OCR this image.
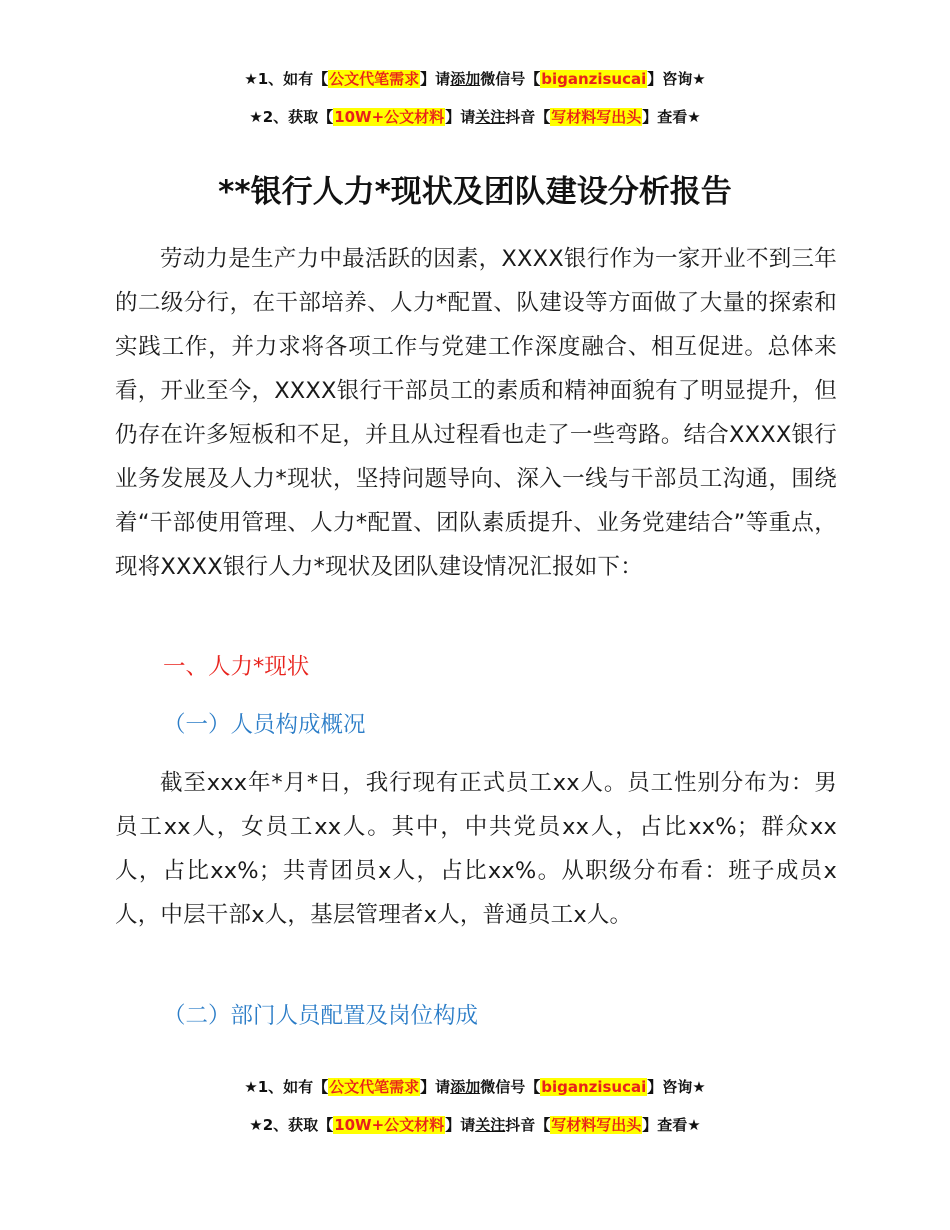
★1、如有【公文代笔需求】请添加微信号【biganzisucai】咨询★
★2、获取【10W+公文材料】请关注抖音【写材料写出头】查看★
**银行人力*现状及团队建设分析报告
劳动力是生产力中最活跃的因素，XXXX银行作为一家开业不到三年的二级分行，在干部培养、人力*配置、队建设等方面做了大量的探索和实践工作，并力求将各项工作与党建工作深度融合、相互促进。总体来看，开业至今，XXXX银行干部员工的素质和精神面貌有了明显提升，但仍存在许多短板和不足，并且从过程看也走了一些弯路。结合XXXX银行业务发展及人力*现状，坚持问题导向、深入一线与干部员工沟通，围绕着“干部使用管理、人力*配置、团队素质提升、业务党建结合”等重点，现将XXXX银行人力*现状及团队建设情况汇报如下：
一、人力*现状
（一）人员构成概况
截至xxx年*月*日，我行现有正式员工xx人。员工性别分布为：男员工xx人，女员工xx人。其中，中共党员xx人，占比xx%；群众xx人，占比xx%；共青团员x人，占比xx%。从职级分布看：班子成员x人，中层干部x人，基层管理者x人，普通员工x人。
（二）部门人员配置及岗位构成
★1、如有【公文代笔需求】请添加微信号【biganzisucai】咨询★
★2、获取【10W+公文材料】请关注抖音【写材料写出头】查看★
